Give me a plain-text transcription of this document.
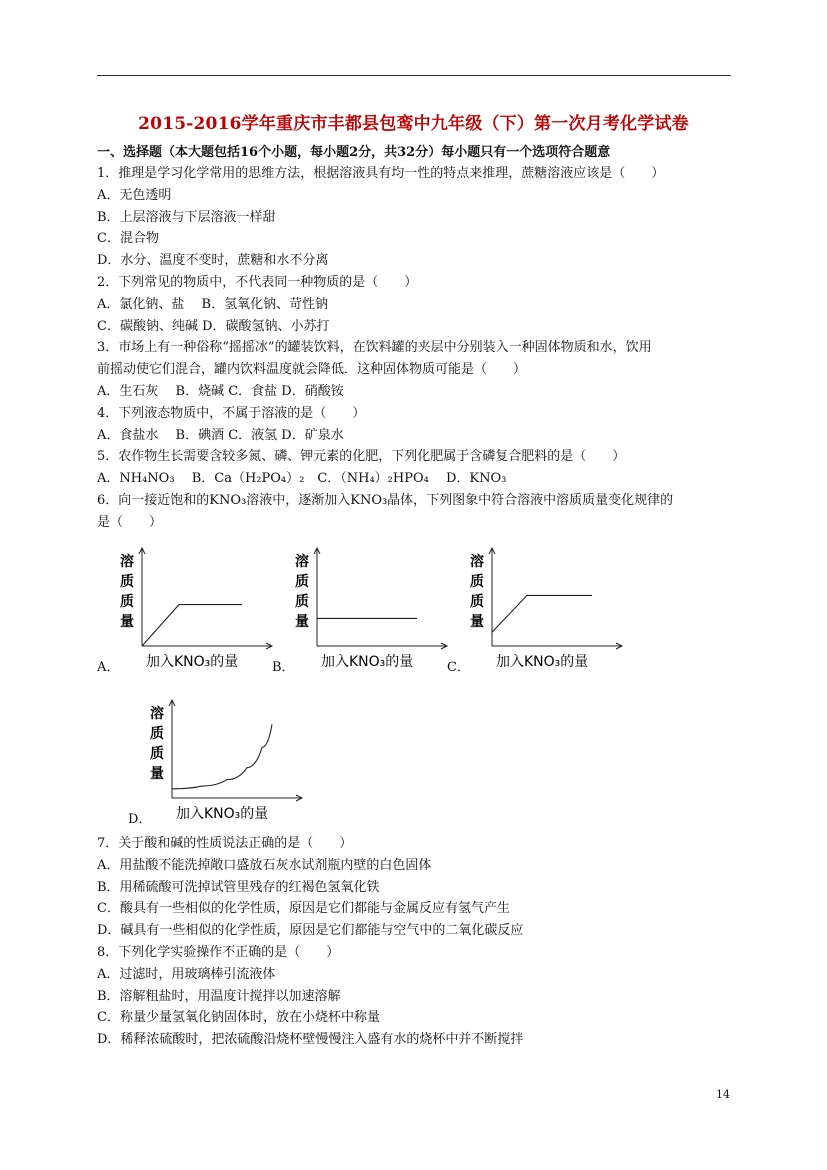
2015-2016学年重庆市丰都县包鸾中九年级（下）第一次月考化学试卷
一、选择题（本大题包括16个小题，每小题2分，共32分）每小题只有一个选项符合题意
1．推理是学习化学常用的思维方法，根据溶液具有均一性的特点来推理，蔗糖溶液应该是（　　）
A．无色透明
B．上层溶液与下层溶液一样甜
C．混合物
D．水分、温度不变时，蔗糖和水不分离
2．下列常见的物质中，不代表同一种物质的是（　　）
A．氯化钠、盐　 B．氢氧化钠、苛性钠
C．碳酸钠、纯碱 D．碳酸氢钠、小苏打
3．市场上有一种俗称“摇摇冰”的罐装饮料，在饮料罐的夹层中分别装入一种固体物质和水，饮用
前摇动使它们混合，罐内饮料温度就会降低．这种固体物质可能是（　　）
A．生石灰　 B．烧碱 C．食盐 D．硝酸铵
4．下列液态物质中，不属于溶液的是（　　）
A．食盐水　 B．碘酒 C．液氢 D．矿泉水
5．农作物生长需要含较多氮、磷、钾元素的化肥，下列化肥属于含磷复合肥料的是（　　）
A．NH₄NO₃　 B．Ca（H₂PO₄）₂　C．（NH₄）₂HPO₄　 D．KNO₃
6．向一接近饱和的KNO₃溶液中，逐渐加入KNO₃晶体，下列图象中符合溶液中溶质质量变化规律的
是（　　）
溶
质
质
量
加入KNO₃的量
溶
质
质
量
加入KNO₃的量
溶
质
质
量
加入KNO₃的量
溶
质
质
量
加入KNO₃的量
A．	B．	C．
D．
7．关于酸和碱的性质说法正确的是（　　）
A．用盐酸不能洗掉敞口盛放石灰水试剂瓶内壁的白色固体
B．用稀硫酸可洗掉试管里残存的红褐色氢氧化铁
C．酸具有一些相似的化学性质，原因是它们都能与金属反应有氢气产生
D．碱具有一些相似的化学性质，原因是它们都能与空气中的二氧化碳反应
8．下列化学实验操作不正确的是（　　）
A．过滤时，用玻璃棒引流液体
B．溶解粗盐时，用温度计搅拌以加速溶解
C．称量少量氢氧化钠固体时，放在小烧杯中称量
D．稀释浓硫酸时，把浓硫酸沿烧杯壁慢慢注入盛有水的烧杯中并不断搅拌
14
